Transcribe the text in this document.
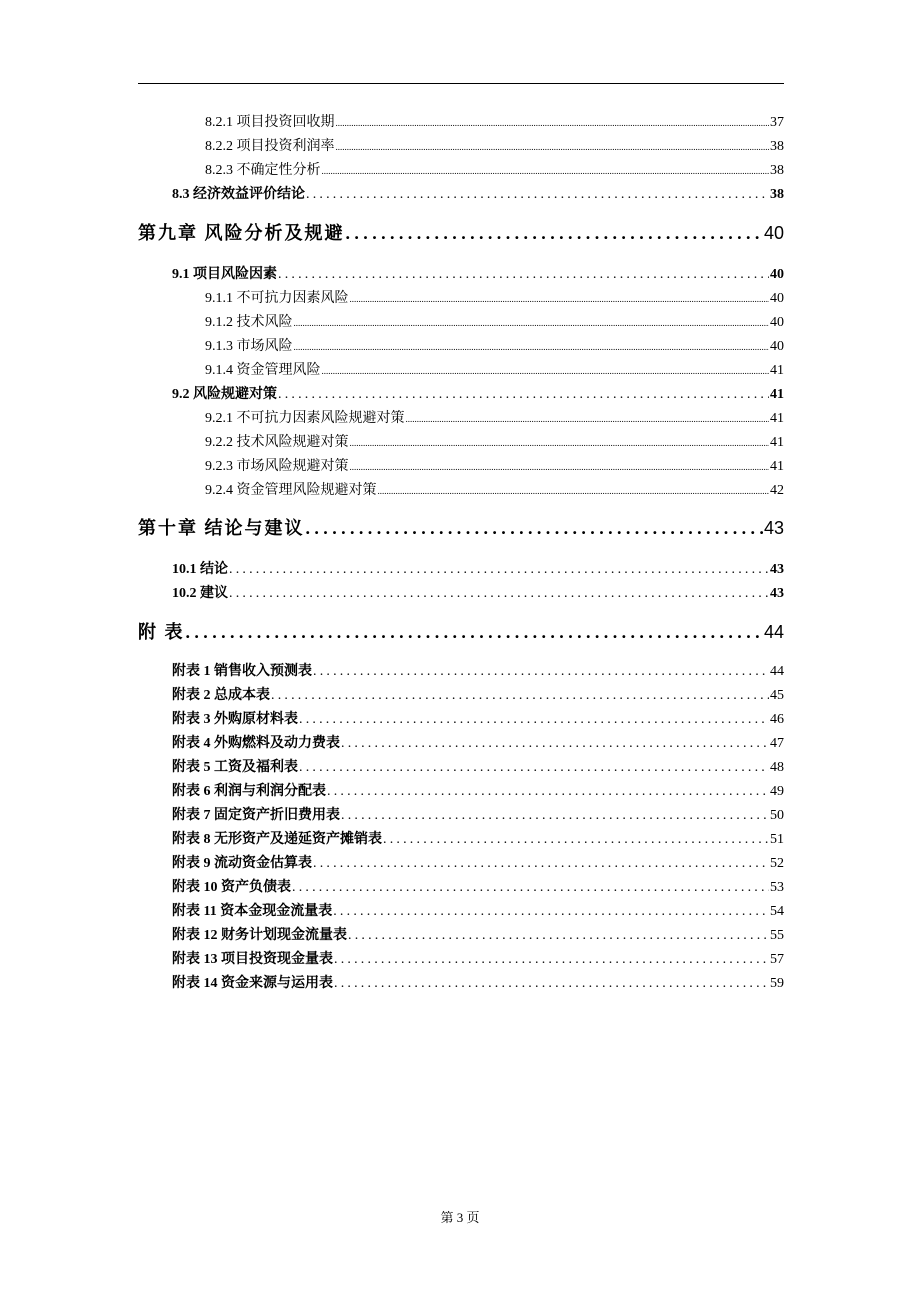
8.2.1 项目投资回收期 .....	37
8.2.2 项目投资利润率 .....	38
8.2.3 不确定性分析 .....	38
8.3 经济效益评价结论 .....	38
第九章 风险分析及规避 .....	40
9.1 项目风险因素 .....	40
9.1.1 不可抗力因素风险 .....	40
9.1.2 技术风险 .....	40
9.1.3 市场风险 .....	40
9.1.4 资金管理风险 .....	41
9.2 风险规避对策 .....	41
9.2.1 不可抗力因素风险规避对策 .....	41
9.2.2 技术风险规避对策 .....	41
9.2.3 市场风险规避对策 .....	41
9.2.4 资金管理风险规避对策 .....	42
第十章 结论与建议 .....	43
10.1 结论 .....	43
10.2 建议 .....	43
附 表 .....	44
附表 1 销售收入预测表 .....	44
附表 2 总成本表 .....	45
附表 3 外购原材料表 .....	46
附表 4 外购燃料及动力费表 .....	47
附表 5 工资及福利表 .....	48
附表 6 利润与利润分配表 .....	49
附表 7 固定资产折旧费用表 .....	50
附表 8 无形资产及递延资产摊销表 .....	51
附表 9 流动资金估算表 .....	52
附表 10 资产负债表 .....	53
附表 11 资本金现金流量表 .....	54
附表 12 财务计划现金流量表 .....	55
附表 13 项目投资现金量表 .....	57
附表 14 资金来源与运用表 .....	59
第 3 页
